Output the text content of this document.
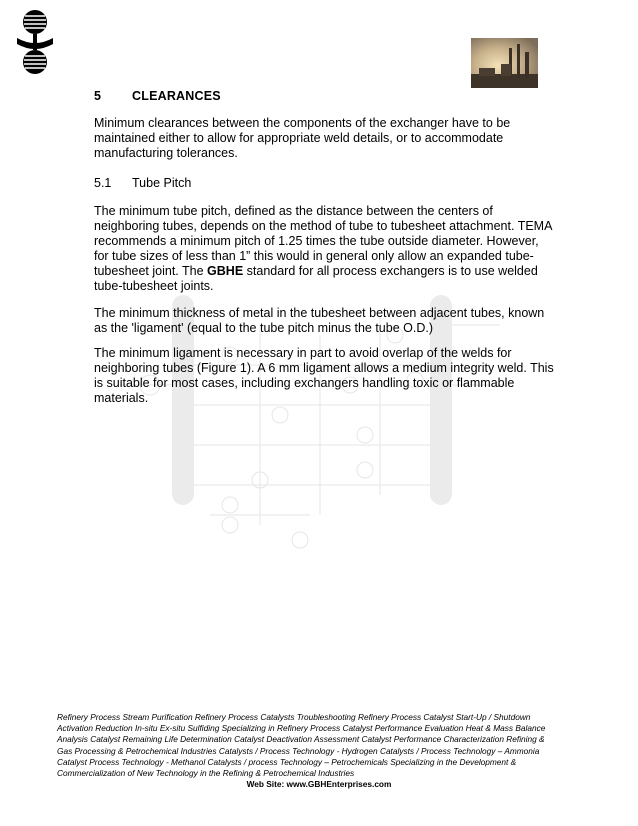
5 CLEARANCES

Minimum clearances between the components of the exchanger have to be maintained either to allow for appropriate weld details, or to accommodate manufacturing tolerances.

5.1 Tube Pitch

The minimum tube pitch, defined as the distance between the centers of neighboring tubes, depends on the method of tube to tubesheet attachment. TEMA recommends a minimum pitch of 1.25 times the tube outside diameter. However, for tube sizes of less than 1” this would in general only allow an expanded tube-tubesheet joint. The GBHE standard for all process exchangers is to use welded tube-tubesheet joints.

The minimum thickness of metal in the tubesheet between adjacent tubes, known as the 'ligament' (equal to the tube pitch minus the tube O.D.)

The minimum ligament is necessary in part to avoid overlap of the welds for neighboring tubes (Figure 1). A 6 mm ligament allows a medium integrity weld. This is suitable for most cases, including exchangers handling toxic or flammable materials.

Refinery Process Stream Purification Refinery Process Catalysts Troubleshooting Refinery Process Catalyst Start-Up / Shutdown Activation Reduction In-situ Ex-situ Sulfiding Specializing in Refinery Process Catalyst Performance Evaluation Heat & Mass Balance Analysis Catalyst Remaining Life Determination Catalyst Deactivation Assessment Catalyst Performance Characterization Refining & Gas Processing & Petrochemical Industries Catalysts / Process Technology - Hydrogen Catalysts / Process Technology – Ammonia Catalyst Process Technology - Methanol Catalysts / process Technology – Petrochemicals Specializing in the Development & Commercialization of New Technology in the Refining & Petrochemical Industries

Web Site: www.GBHEnterprises.com
